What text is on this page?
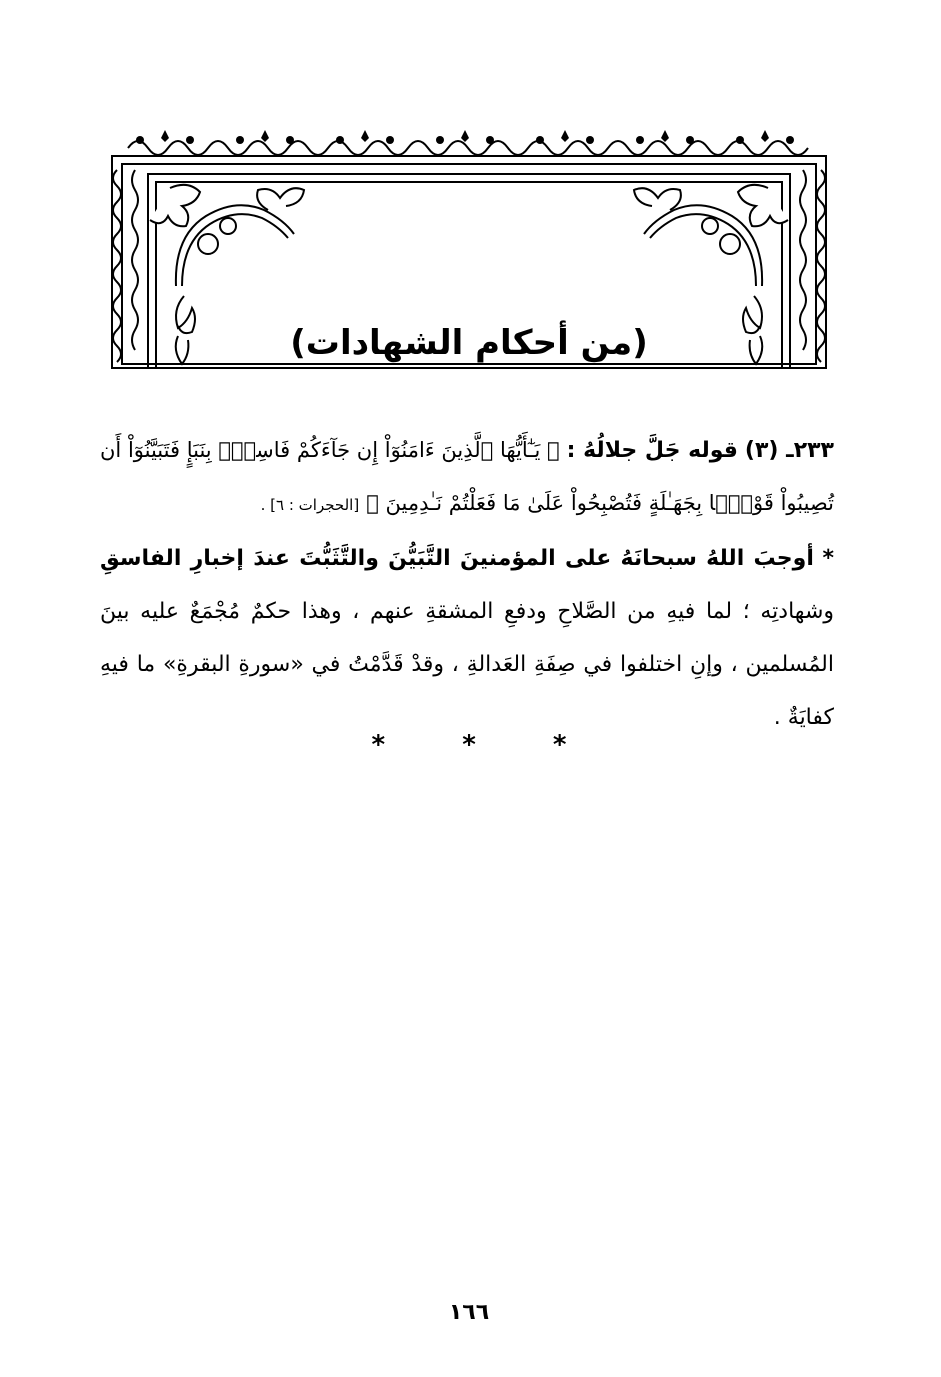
(من أحكام الشهادات)

٢٣٣ـ (٣) قوله جَلَّ جلالُهُ : ﴿ يَـٰٓأَيُّهَا ٱلَّذِينَ ءَامَنُوٓاْ إِن جَآءَكُمْ فَاسِقُۢ بِنَبَإٍ فَتَبَيَّنُوٓاْ أَن تُصِيبُواْ قَوْمًۢا بِجَهَـٰلَةٍ فَتُصْبِحُواْ عَلَىٰ مَا فَعَلْتُمْ نَـٰدِمِينَ ﴾ [الحجرات : ٦] .

* أوجبَ اللهُ سبحانَهُ على المؤمنينَ التَّبَيُّنَ والتَّثَبُّتَ عندَ إخبارِ الفاسقِ وشهادتِه ؛ لما فيهِ من الصَّلاحِ ودفعِ المشقةِ عنهم ، وهذا حكمٌ مُجْمَعٌ عليه بينَ المُسلمين ، وإنِ اختلفوا في صِفَةِ العَدالةِ ، وقدْ قَدَّمْتُ في «سورةِ البقرةِ» ما فيهِ كفايَةٌ .

* * *
١٦٦
